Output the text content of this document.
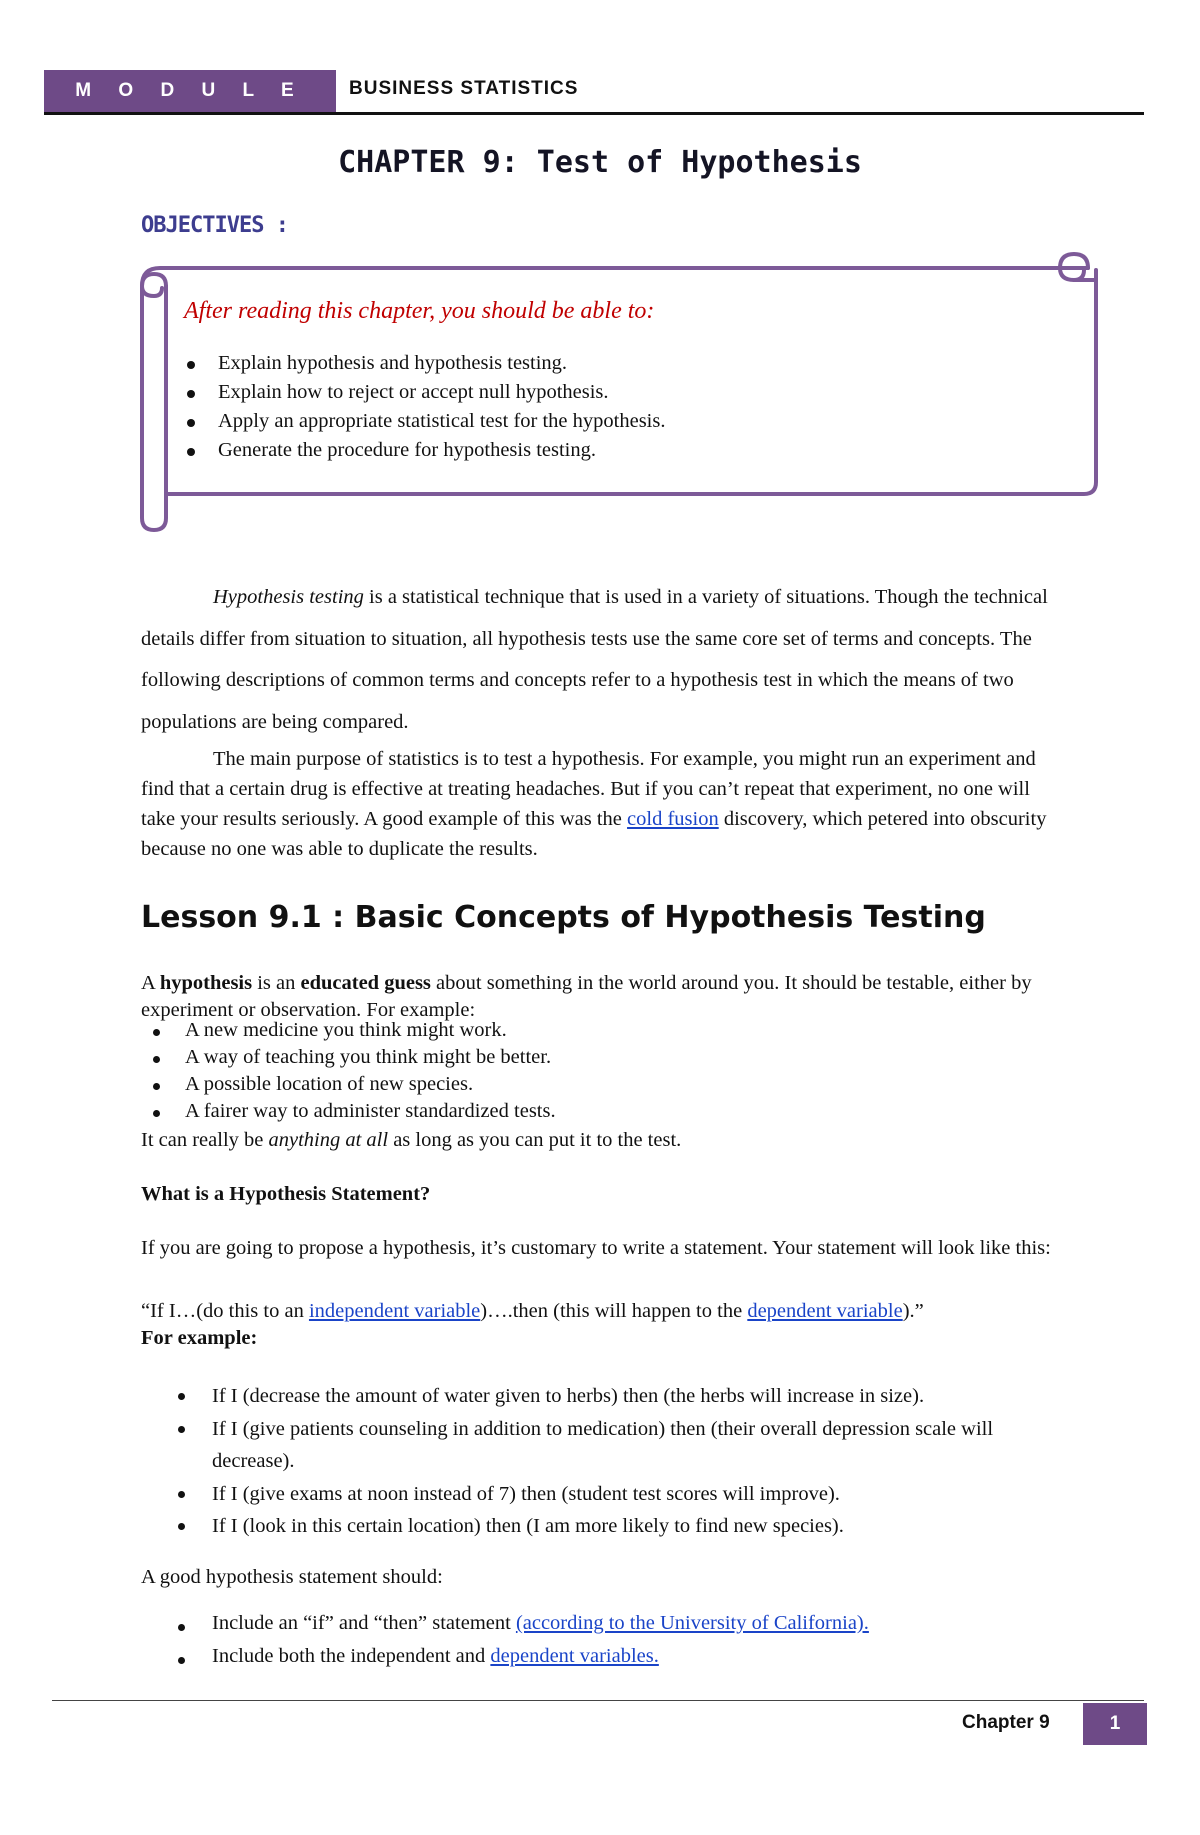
M O D U L E BUSINESS STATISTICS
CHAPTER 9: Test of Hypothesis
OBJECTIVES :
After reading this chapter, you should be able to:
Explain hypothesis and hypothesis testing.
Explain how to reject or accept null hypothesis.
Apply an appropriate statistical test for the hypothesis.
Generate the procedure for hypothesis testing.

Hypothesis testing is a statistical technique that is used in a variety of situations. Though the technical details differ from situation to situation, all hypothesis tests use the same core set of terms and concepts. The following descriptions of common terms and concepts refer to a hypothesis test in which the means of two populations are being compared.

The main purpose of statistics is to test a hypothesis. For example, you might run an experiment and find that a certain drug is effective at treating headaches. But if you can’t repeat that experiment, no one will take your results seriously. A good example of this was the cold fusion discovery, which petered into obscurity because no one was able to duplicate the results.

Lesson 9.1 : Basic Concepts of Hypothesis Testing

A hypothesis is an educated guess about something in the world around you. It should be testable, either by experiment or observation. For example:

A new medicine you think might work.
A way of teaching you think might be better.
A possible location of new species.
A fairer way to administer standardized tests.

It can really be anything at all as long as you can put it to the test.

What is a Hypothesis Statement?

If you are going to propose a hypothesis, it’s customary to write a statement. Your statement will look like this:

“If I…(do this to an independent variable)….then (this will happen to the dependent variable).”

For example:
If I (decrease the amount of water given to herbs) then (the herbs will increase in size).
If I (give patients counseling in addition to medication) then (their overall depression scale will decrease).
If I (give exams at noon instead of 7) then (student test scores will improve).
If I (look in this certain location) then (I am more likely to find new species).
A good hypothesis statement should:
Include an “if” and “then” statement (according to the University of California).
Include both the independent and dependent variables.
Chapter 9	1
